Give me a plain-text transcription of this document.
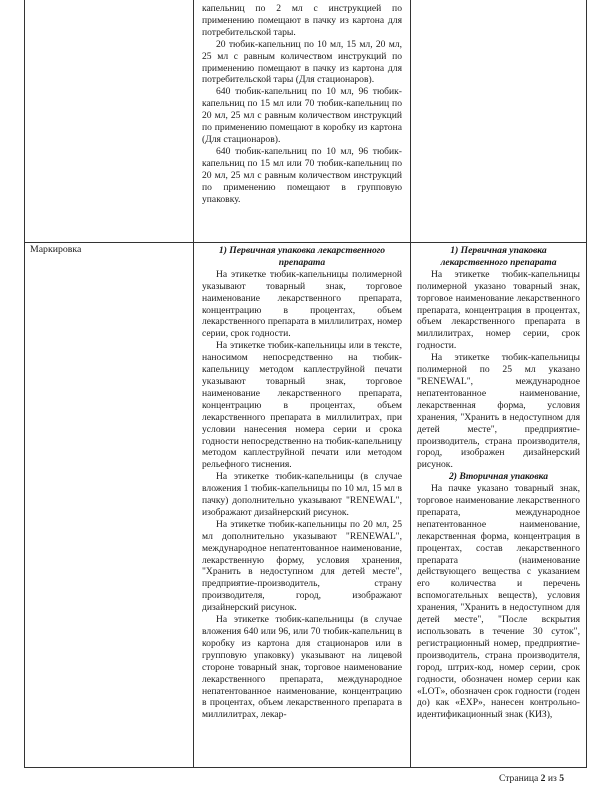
капельниц по 2 мл с инструкцией по применению помещают в пачку из картона для потребительской тары.

20 тюбик-капельниц по 10 мл, 15 мл, 20 мл, 25 мл с равным количеством инструкций по применению помещают в пачку из картона для потребительской тары (Для стационаров).

640 тюбик-капельниц по 10 мл, 96 тюбик-капельниц по 15 мл или 70 тюбик-капельниц по 20 мл, 25 мл с равным количеством инструкций по применению помещают в коробку из картона (Для стационаров).

640 тюбик-капельниц по 10 мл, 96 тюбик-капельниц по 15 мл или 70 тюбик-капельниц по 20 мл, 25 мл с равным количеством инструкций по применению помещают в групповую упаковку.

Маркировка	1) Первичная упаковка лекарственного препарата

На этикетке тюбик-капельницы полимерной указывают товарный знак, торговое наименование лекарственного препарата, концентрацию в процентах, объем лекарственного препарата в миллилитрах, номер серии, срок годности.

На этикетке тюбик-капельницы или в тексте, наносимом непосредственно на тюбик-капельницу методом каплеструйной печати указывают товарный знак, торговое наименование лекарственного препарата, концентрацию в процентах, объем лекарственного препарата в миллилитрах, при условии нанесения номера серии и срока годности непосредственно на тюбик-капельницу методом каплеструйной печати или методом рельефного тиснения.

На этикетке тюбик-капельницы (в случае вложения 1 тюбик-капельницы по 10 мл, 15 мл в пачку) дополнительно указывают "RENEWAL", изображают дизайнерский рисунок.

На этикетке тюбик-капельницы по 20 мл, 25 мл дополнительно указывают "RENEWAL", международное непатентованное наименование, лекарственную форму, условия хранения, "Хранить в недоступном для детей месте", предприятие-производитель, страну производителя, город, изображают дизайнерский рисунок.

На этикетке тюбик-капельницы (в случае вложения 640 или 96, или 70 тюбик-капельниц в коробку из картона для стационаров или в групповую упаковку) указывают на лицевой стороне товарный знак, торговое наименование лекарственного препарата, международное непатентованное наименование, концентрацию в процентах, объем лекарственного препарата в миллилитрах, лекар-

1) Первичная упаковка лекарственного препарата

На этикетке тюбик-капельницы полимерной указано товарный знак, торговое наименование лекарственного препарата, концентрация в процентах, объем лекарственного препарата в миллилитрах, номер серии, срок годности.

На этикетке тюбик-капельницы полимерной по 25 мл указано "RENEWAL", международное непатентованное наименование, лекарственная форма, условия хранения, "Хранить в недоступном для детей месте", предприятие-производитель, страна производителя, город, изображен дизайнерский рисунок.

2) Вторичная упаковка

На пачке указано товарный знак, торговое наименование лекарственного препарата, международное непатентованное наименование, лекарственная форма, концентрация в процентах, состав лекарственного препарата (наименование действующего вещества с указанием его количества и перечень вспомогательных веществ), условия хранения, "Хранить в недоступном для детей месте", "После вскрытия использовать в течение 30 суток", регистрационный номер, предприятие-производитель, страна производителя, город, штрих-код, номер серии, срок годности, обозначен номер серии как «LOT», обозначен срок годности (годен до) как «EXP», нанесен контрольно-идентификационный знак (КИЗ),

Страница 2 из 5
